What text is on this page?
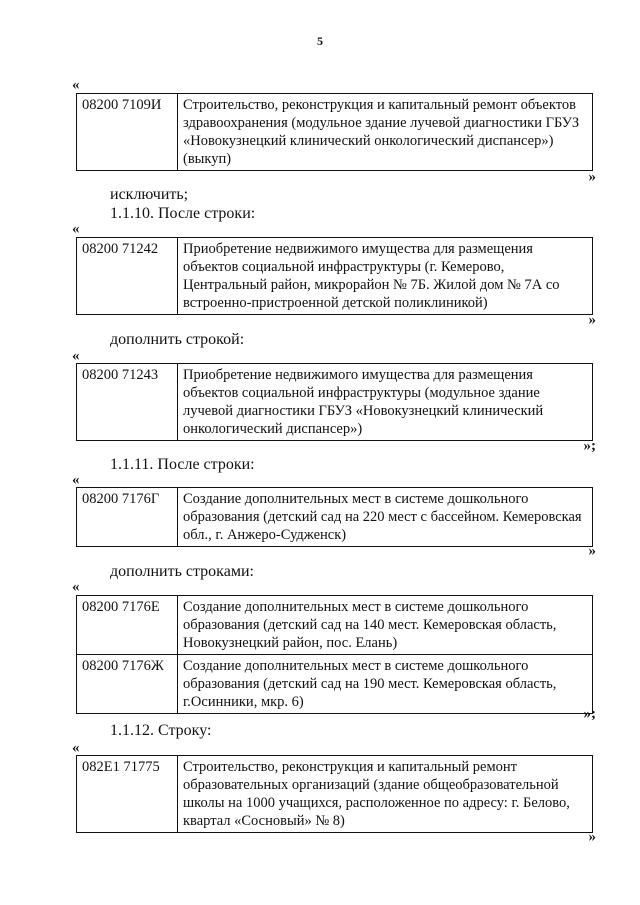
5
«
08200 7109И	Строительство, реконструкция и капитальный ремонт объектов здравоохранения (модульное здание лучевой диагностики ГБУЗ «Новокузнецкий клинический онкологический диспансер») (выкуп)
»
исключить;
1.1.10. После строки:
«
08200 71242	Приобретение недвижимого имущества для размещения объектов социальной инфраструктуры (г. Кемерово, Центральный район, микрорайон № 7Б. Жилой дом № 7А со встроенно-пристроенной детской поликлиникой)
»
дополнить строкой:
«
08200 71243	Приобретение недвижимого имущества для размещения объектов социальной инфраструктуры (модульное здание лучевой диагностики ГБУЗ «Новокузнецкий клинический онкологический диспансер»)
»;
1.1.11. После строки:
«
08200 7176Г	Создание дополнительных мест в системе дошкольного образования (детский сад на 220 мест с бассейном. Кемеровская обл., г. Анжеро-Судженск)
»
дополнить строками:
«
08200 7176Е	Создание дополнительных мест в системе дошкольного образования (детский сад на 140 мест. Кемеровская область, Новокузнецкий район, пос. Елань)
08200 7176Ж	Создание дополнительных мест в системе дошкольного образования (детский сад на 190 мест. Кемеровская область, г.Осинники, мкр. 6)
»;
1.1.12. Строку:
«
082E1 71775	Строительство, реконструкция и капитальный ремонт образовательных организаций (здание общеобразовательной школы на 1000 учащихся, расположенное по адресу: г. Белово, квартал «Сосновый» № 8)
»
